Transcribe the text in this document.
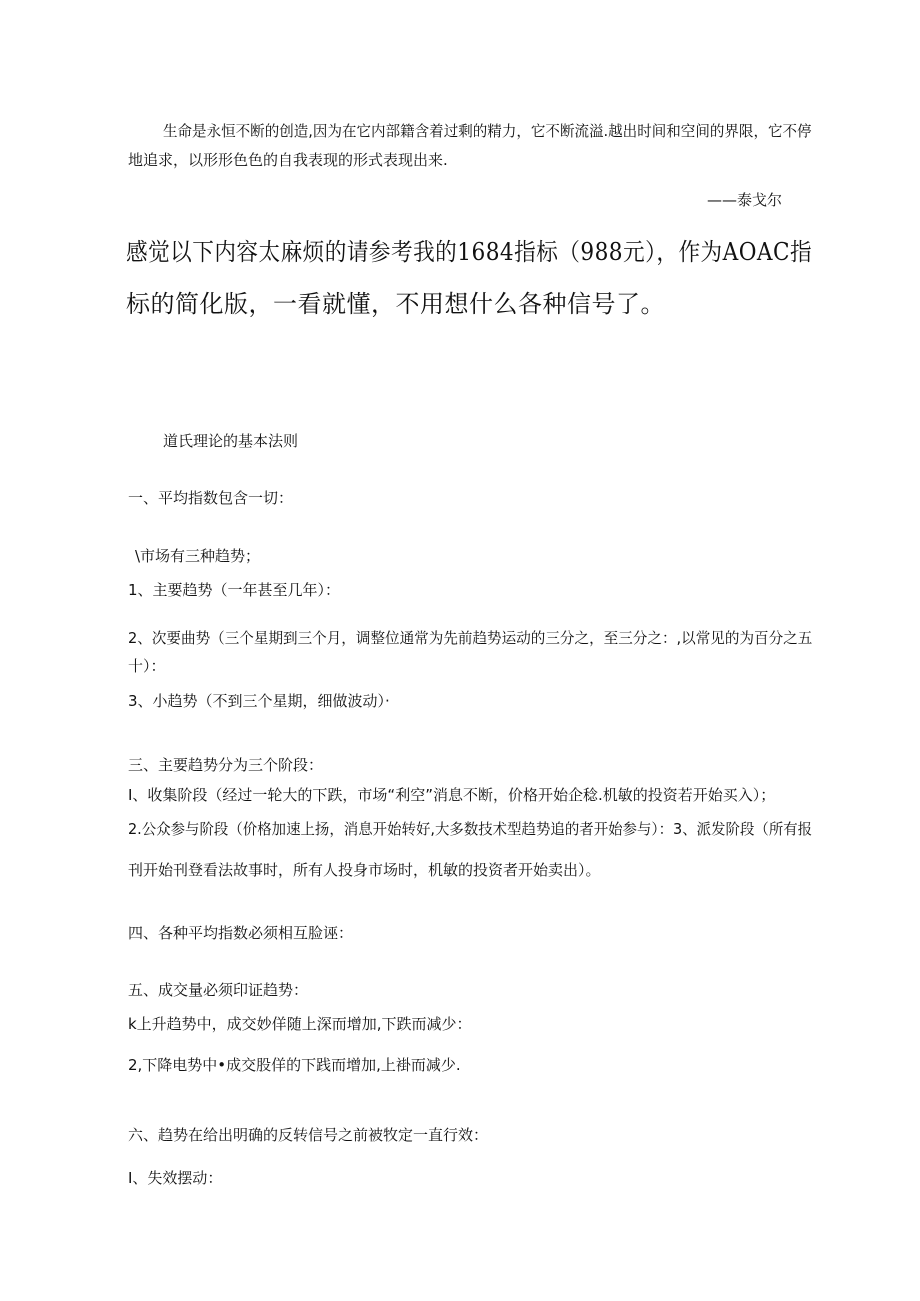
生命是永恒不断的创造,因为在它内部籍含着过剩的精力，它不断流溢.越出时间和空间的界限，它不停
地追求，以形形色色的自我表现的形式表现出来.
——泰戈尔
感觉以下内容太麻烦的请参考我的1684指标（988元），作为AOAC指
标的简化版，一看就懂，不用想什么各种信号了。
道氏理论的基本法则
一、平均指数包含一切：
\市场有三种趋势；
1、主要趋势（一年甚至几年）：
2、次要曲势（三个星期到三个月，调整位通常为先前趋势运动的三分之，至三分之：,以常见的为百分之五
十）：
3、小趋势（不到三个星期，细做波动）·
三、主要趋势分为三个阶段：
I、收集阶段（经过一轮大的下跌，市场“利空”消息不断，价格开始企稔.机敏的投资若开始买入）；
2.公众参与阶段（价格加速上扬，消息开始转好,大多数技术型趋势追的者开始参与）：3、派发阶段（所有报
刊开始刊登看法故事时，所有人投身市场时，机敏的投资者开始卖出）。
四、各种平均指数必须相互脸诬：
五、成交量必须印证趋势：
k上升趋势中，成交妙佯随上深而增加,下跌而减少：
2,下降电势中•成交股佯的下践而增加,上褂而减少.
六、趋势在给出明确的反转信号之前被牧定一直行效：
I、失效摆动：
